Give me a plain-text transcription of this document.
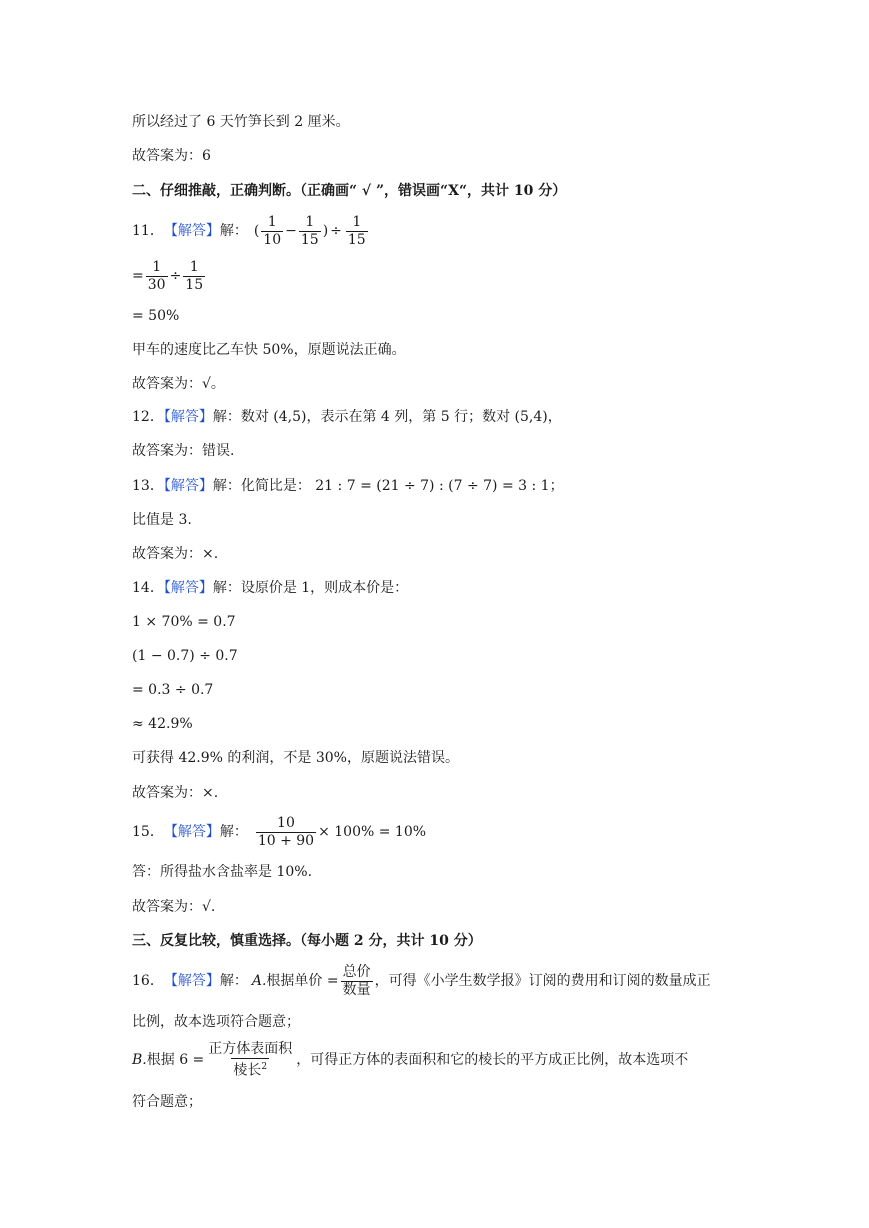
所以经过了 6 天竹笋长到 2 厘米。
故答案为：6
二、仔细推敲，正确判断。（正确画“ √ ”，错误画“X“，共计 10 分）
11． 【解答】 解： ( $\frac{1}{10} - \frac{1}{15}$ ) ÷ $\frac{1}{15}$
= $\frac{1}{30} \div \frac{1}{15}$
= 50%
甲车的速度比乙车快 50%，原题说法正确。
故答案为：√。
12．【解答】解：数对 (4,5)，表示在第 4 列，第 5 行；数对 (5,4)，
故答案为：错误.
13．【解答】解：化简比是： 21 : 7 = (21 ÷ 7) : (7 ÷ 7) = 3 : 1；
比值是 3.
故答案为：×.
14．【解答】解：设原价是 1，则成本价是：
1 × 70% = 0.7
(1 − 0.7) ÷ 0.7
= 0.3 ÷ 0.7
≈ 42.9%
可获得 42.9% 的利润，不是 30%，原题说法错误。
故答案为：×.
15． 【解答】 解： $\frac{10}{10 + 90} \times 100\% = 10\%$
答：所得盐水含盐率是 10%.
故答案为：√.
三、反复比较，慎重选择。（每小题 2 分，共计 10 分）
16． 【解答】 解： A. 根据单价 = $\frac{\text{总价}}{\text{数量}}$ ，可得《小学生数学报》订阅的费用和订阅的数量成正
比例，故本选项符合题意；
B. 根据 $6 = \frac{\text{正方体表面积}}{棱长^2}$ ，可得正方体的表面积和它的棱长的平方成正比例，故本选项不
符合题意；
